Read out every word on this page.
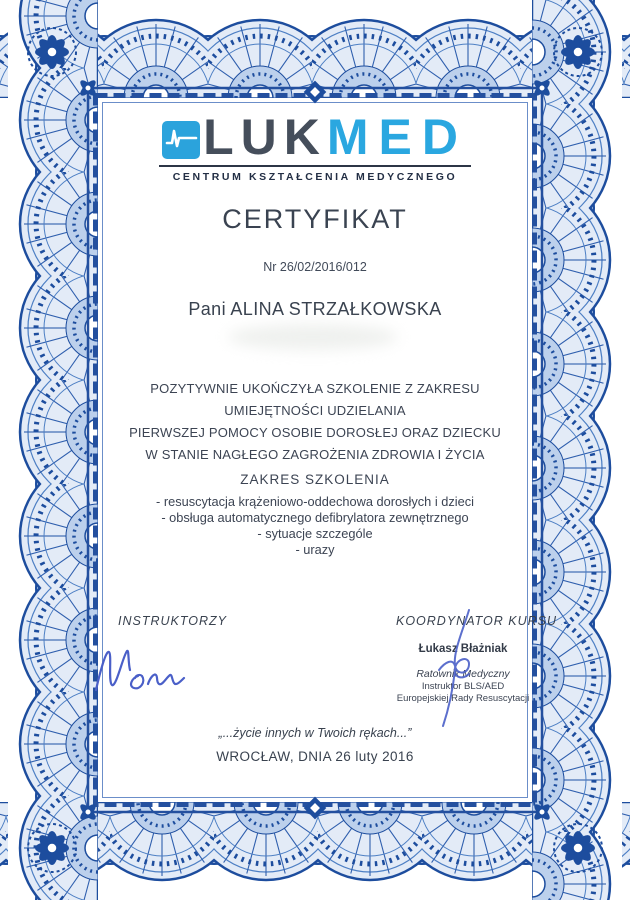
LUKMED
CENTRUM KSZTAŁCENIA MEDYCZNEGO
CERTYFIKAT
Nr 26/02/2016/012
Pani ALINA STRZAŁKOWSKA
POZYTYWNIE UKOŃCZYŁA SZKOLENIE Z ZAKRESU UMIEJĘTNOŚCI UDZIELANIA
PIERWSZEJ POMOCY OSOBIE DOROSŁEJ ORAZ DZIECKU
W STANIE NAGŁEGO ZAGROŻENIA ZDROWIA I ŻYCIA
ZAKRES SZKOLENIA
- resuscytacja krążeniowo-oddechowa dorosłych i dzieci
- obsługa automatycznego defibrylatora zewnętrznego
- sytuacje szczególe
- urazy
INSTRUKTORZY	KOORDYNATOR KURSU
Łukasz Błażniak
Ratownik Medyczny
Instruktor BLS/AED
Europejskiej Rady Resuscytacji
„...życie innych w Twoich rękach...”
WROCŁAW, DNIA 26 luty 2016
